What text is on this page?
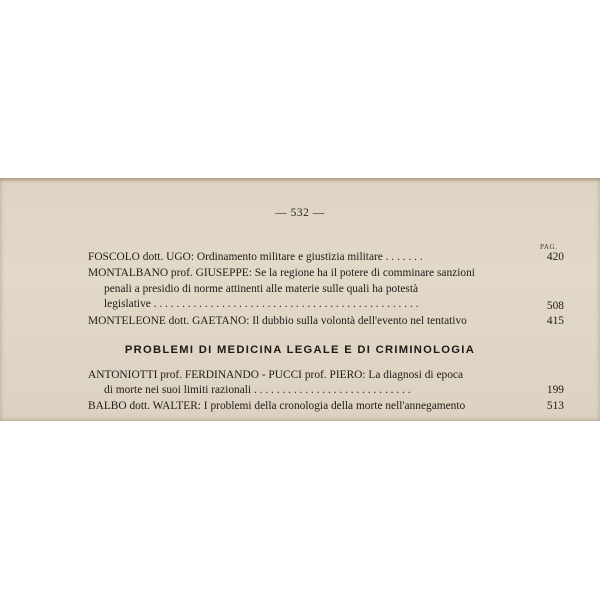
— 532 —
PAG.
FOSCOLO dott. UGO: Ordinamento militare e giustizia militare . . . . . . .	420
MONTALBANO prof. GIUSEPPE: Se la regione ha il potere di comminare sanzioni
penali a presidio di norme attinenti alle materie sulle quali ha potestà
legislative . . . . . . . . . . . . . . . . . . . . . . . . . . . . . . . . . . . . . . . . . . . . . . .	508
MONTELEONE dott. GAETANO: Il dubbio sulla volontà dell'evento nel tentativo	415
PROBLEMI DI MEDICINA LEGALE E DI CRIMINOLOGIA
ANTONIOTTI prof. FERDINANDO - PUCCI prof. PIERO: La diagnosi di epoca
di morte nei suoi limiti razionali . . . . . . . . . . . . . . . . . . . . . . . . . . . .	199
BALBO dott. WALTER: I problemi della cronologia della morte nell'annegamento	513
